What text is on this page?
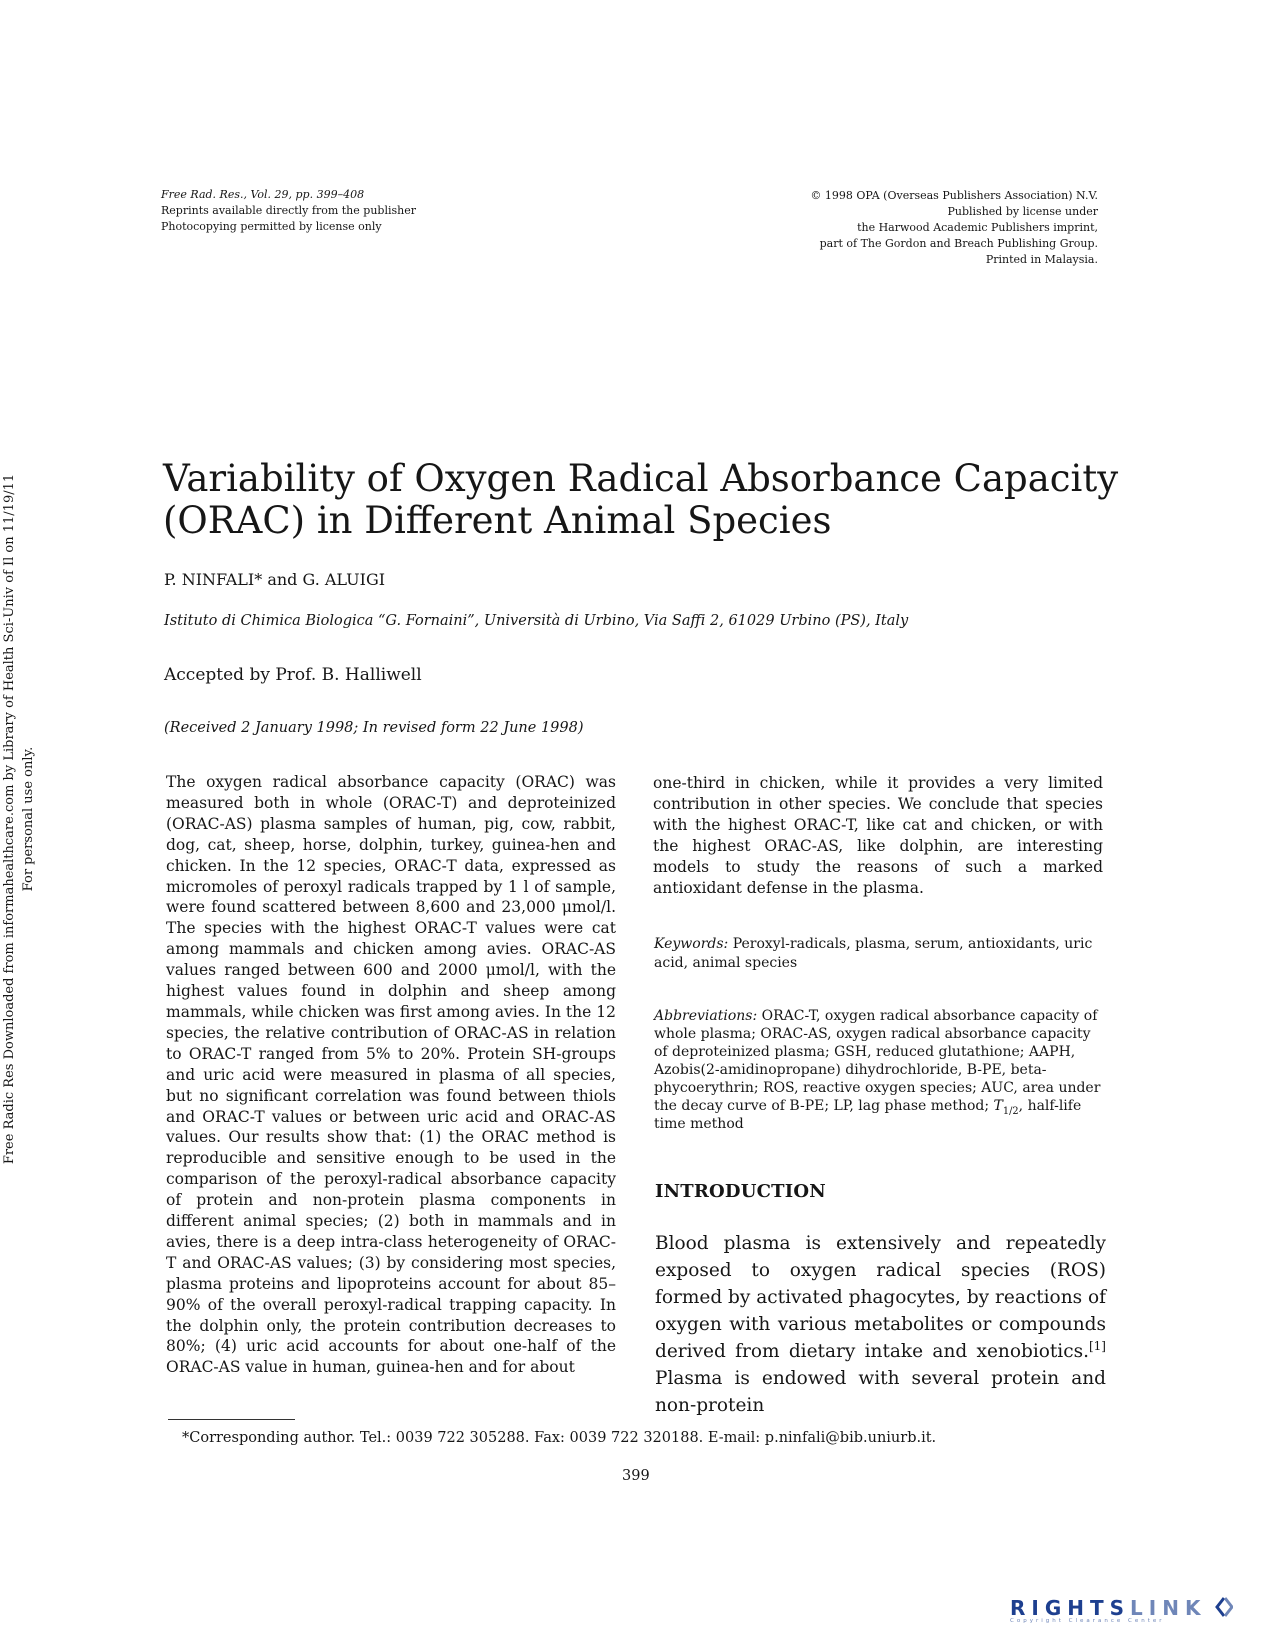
Free Rad. Res., Vol. 29, pp. 399–408
Reprints available directly from the publisher
Photocopying permitted by license only
© 1998 OPA (Overseas Publishers Association) N.V.
Published by license under
the Harwood Academic Publishers imprint,
part of The Gordon and Breach Publishing Group.
Printed in Malaysia.
Free Radic Res Downloaded from informahealthcare.com by Library of Health Sci-Univ of Il on 11/19/11 For personal use only.
Variability of Oxygen Radical Absorbance Capacity
(ORAC) in Different Animal Species
P. NINFALI* and G. ALUIGI
Istituto di Chimica Biologica “G. Fornaini”, Università di Urbino, Via Saffi 2, 61029 Urbino (PS), Italy
Accepted by Prof. B. Halliwell
(Received 2 January 1998; In revised form 22 June 1998)
The oxygen radical absorbance capacity (ORAC) was measured both in whole (ORAC-T) and deproteinized (ORAC-AS) plasma samples of human, pig, cow, rabbit, dog, cat, sheep, horse, dolphin, turkey, guinea-hen and chicken. In the 12 species, ORAC-T data, expressed as micromoles of peroxyl radicals trapped by 1 l of sample, were found scattered between 8,600 and 23,000 μmol/l. The species with the highest ORAC-T values were cat among mammals and chicken among avies. ORAC-AS values ranged between 600 and 2000 μmol/l, with the highest values found in dolphin and sheep among mammals, while chicken was first among avies. In the 12 species, the relative contribution of ORAC-AS in relation to ORAC-T ranged from 5% to 20%. Protein SH-groups and uric acid were measured in plasma of all species, but no significant correlation was found between thiols and ORAC-T values or between uric acid and ORAC-AS values. Our results show that: (1) the ORAC method is reproducible and sensitive enough to be used in the comparison of the peroxyl-radical absorbance capacity of protein and non-protein plasma components in different animal species; (2) both in mammals and in avies, there is a deep intra-class heterogeneity of ORAC-T and ORAC-AS values; (3) by considering most species, plasma proteins and lipoproteins account for about 85–90% of the overall peroxyl-radical trapping capacity. In the dolphin only, the protein contribution decreases to 80%; (4) uric acid accounts for about one-half of the ORAC-AS value in human, guinea-hen and for about
one-third in chicken, while it provides a very limited contribution in other species. We conclude that species with the highest ORAC-T, like cat and chicken, or with the highest ORAC-AS, like dolphin, are interesting models to study the reasons of such a marked antioxidant defense in the plasma.
Keywords: Peroxyl-radicals, plasma, serum, antioxidants, uric acid, animal species
Abbreviations: ORAC-T, oxygen radical absorbance capacity of whole plasma; ORAC-AS, oxygen radical absorbance capacity of deproteinized plasma; GSH, reduced glutathione; AAPH, Azobis(2-amidinopropane) dihydrochloride, B-PE, beta-phycoerythrin; ROS, reactive oxygen species; AUC, area under the decay curve of B-PE; LP, lag phase method; $T_{1/2}$, half-life time method
INTRODUCTION
Blood plasma is extensively and repeatedly exposed to oxygen radical species (ROS) formed by activated phagocytes, by reactions of oxygen with various metabolites or compounds derived from dietary intake and xenobiotics.[1] Plasma is endowed with several protein and non-protein
*Corresponding author. Tel.: 0039 722 305288. Fax: 0039 722 320188. E-mail: p.ninfali@bib.uniurb.it.
399
RIGHTSLINK
Copyright Clearance Center
